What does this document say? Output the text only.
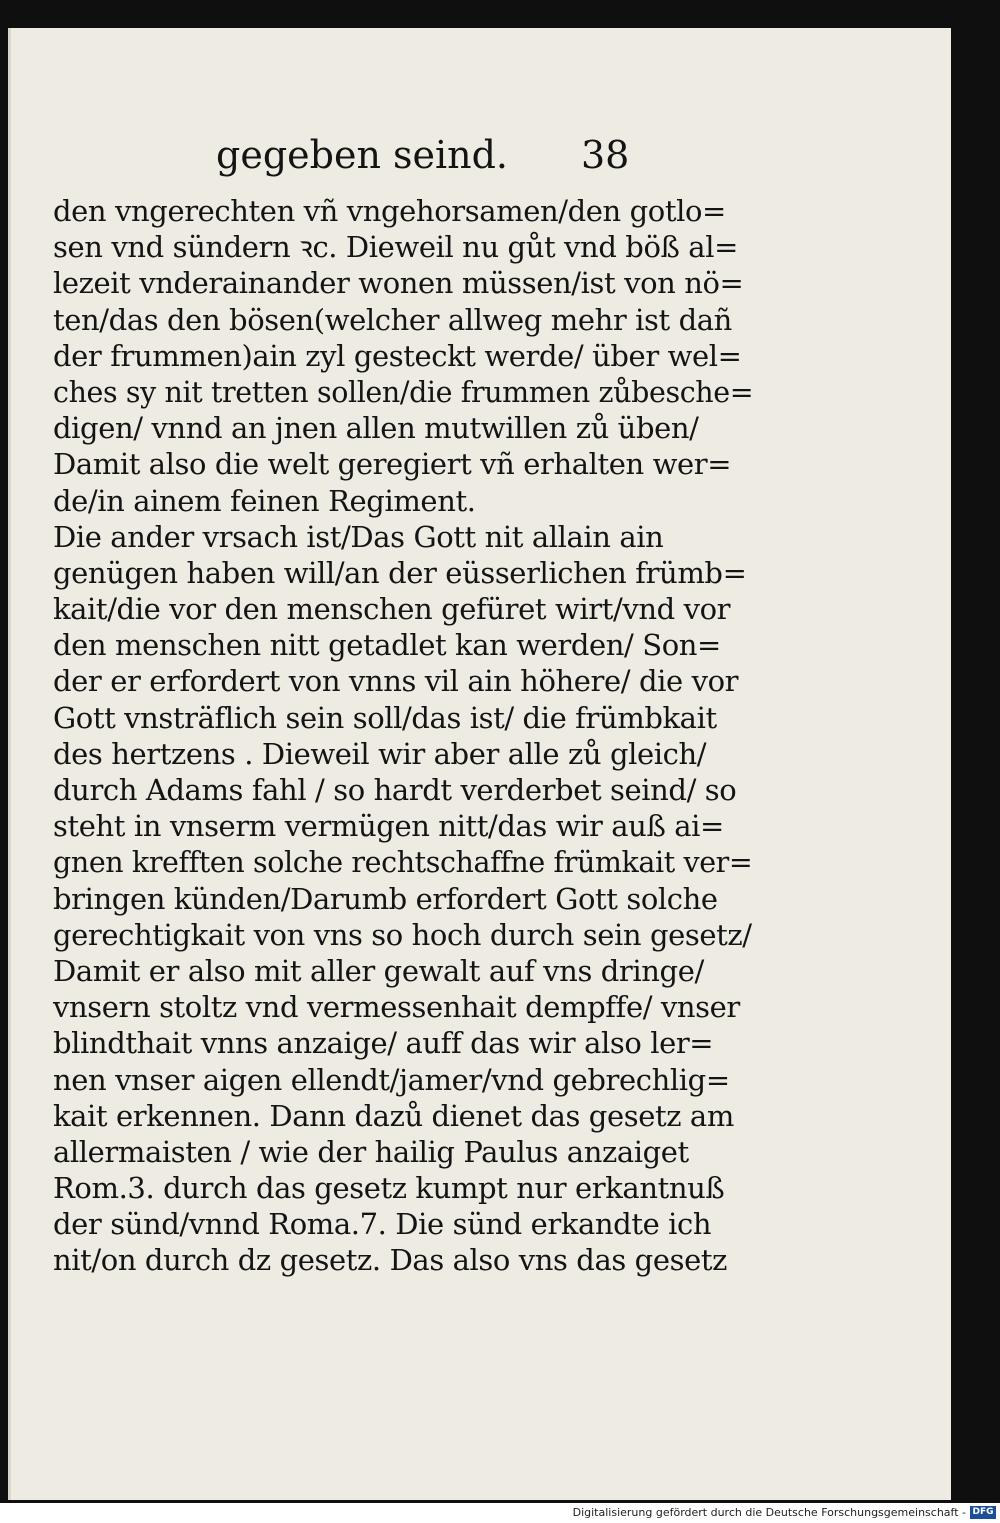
gegeben seind. 38
den vngerechten vñ vngehorsamen/den gotlo=
sen vnd sündern ꝛc. Dieweil nu gůt vnd böß al=
lezeit vnderainander wonen müssen/ist von nö=
ten/das den bösen(welcher allweg mehr ist dañ
der frummen)ain zyl gesteckt werde/ über wel=
ches sy nit tretten sollen/die frummen zůbesche=
digen/ vnnd an jnen allen mutwillen zů üben/
Damit also die welt geregiert vñ erhalten wer=
de/in ainem feinen Regiment.
Die ander vrsach ist/Das Gott nit allain ain
genügen haben will/an der eüsserlichen frümb=
kait/die vor den menschen gefüret wirt/vnd vor
den menschen nitt getadlet kan werden/ Son=
der er erfordert von vnns vil ain höhere/ die vor
Gott vnsträflich sein soll/das ist/ die frümbkait
des hertzens . Dieweil wir aber alle zů gleich/
durch Adams fahl / so hardt verderbet seind/ so
steht in vnserm vermügen nitt/das wir auß ai=
gnen krefften solche rechtschaffne frümkait ver=
bringen künden/Darumb erfordert Gott solche
gerechtigkait von vns so hoch durch sein gesetz/
Damit er also mit aller gewalt auf vns dringe/
vnsern stoltz vnd vermessenhait dempffe/ vnser
blindthait vnns anzaige/ auff das wir also ler=
nen vnser aigen ellendt/jamer/vnd gebrechlig=
kait erkennen. Dann dazů dienet das gesetz am
allermaisten / wie der hailig Paulus anzaiget
Rom.3. durch das gesetz kumpt nur erkantnuß
der sünd/vnnd Roma.7. Die sünd erkandte ich
nit/on durch dz gesetz. Das also vns das gesetz
Digitalisierung gefördert durch die Deutsche Forschungsgemeinschaft - DFG
